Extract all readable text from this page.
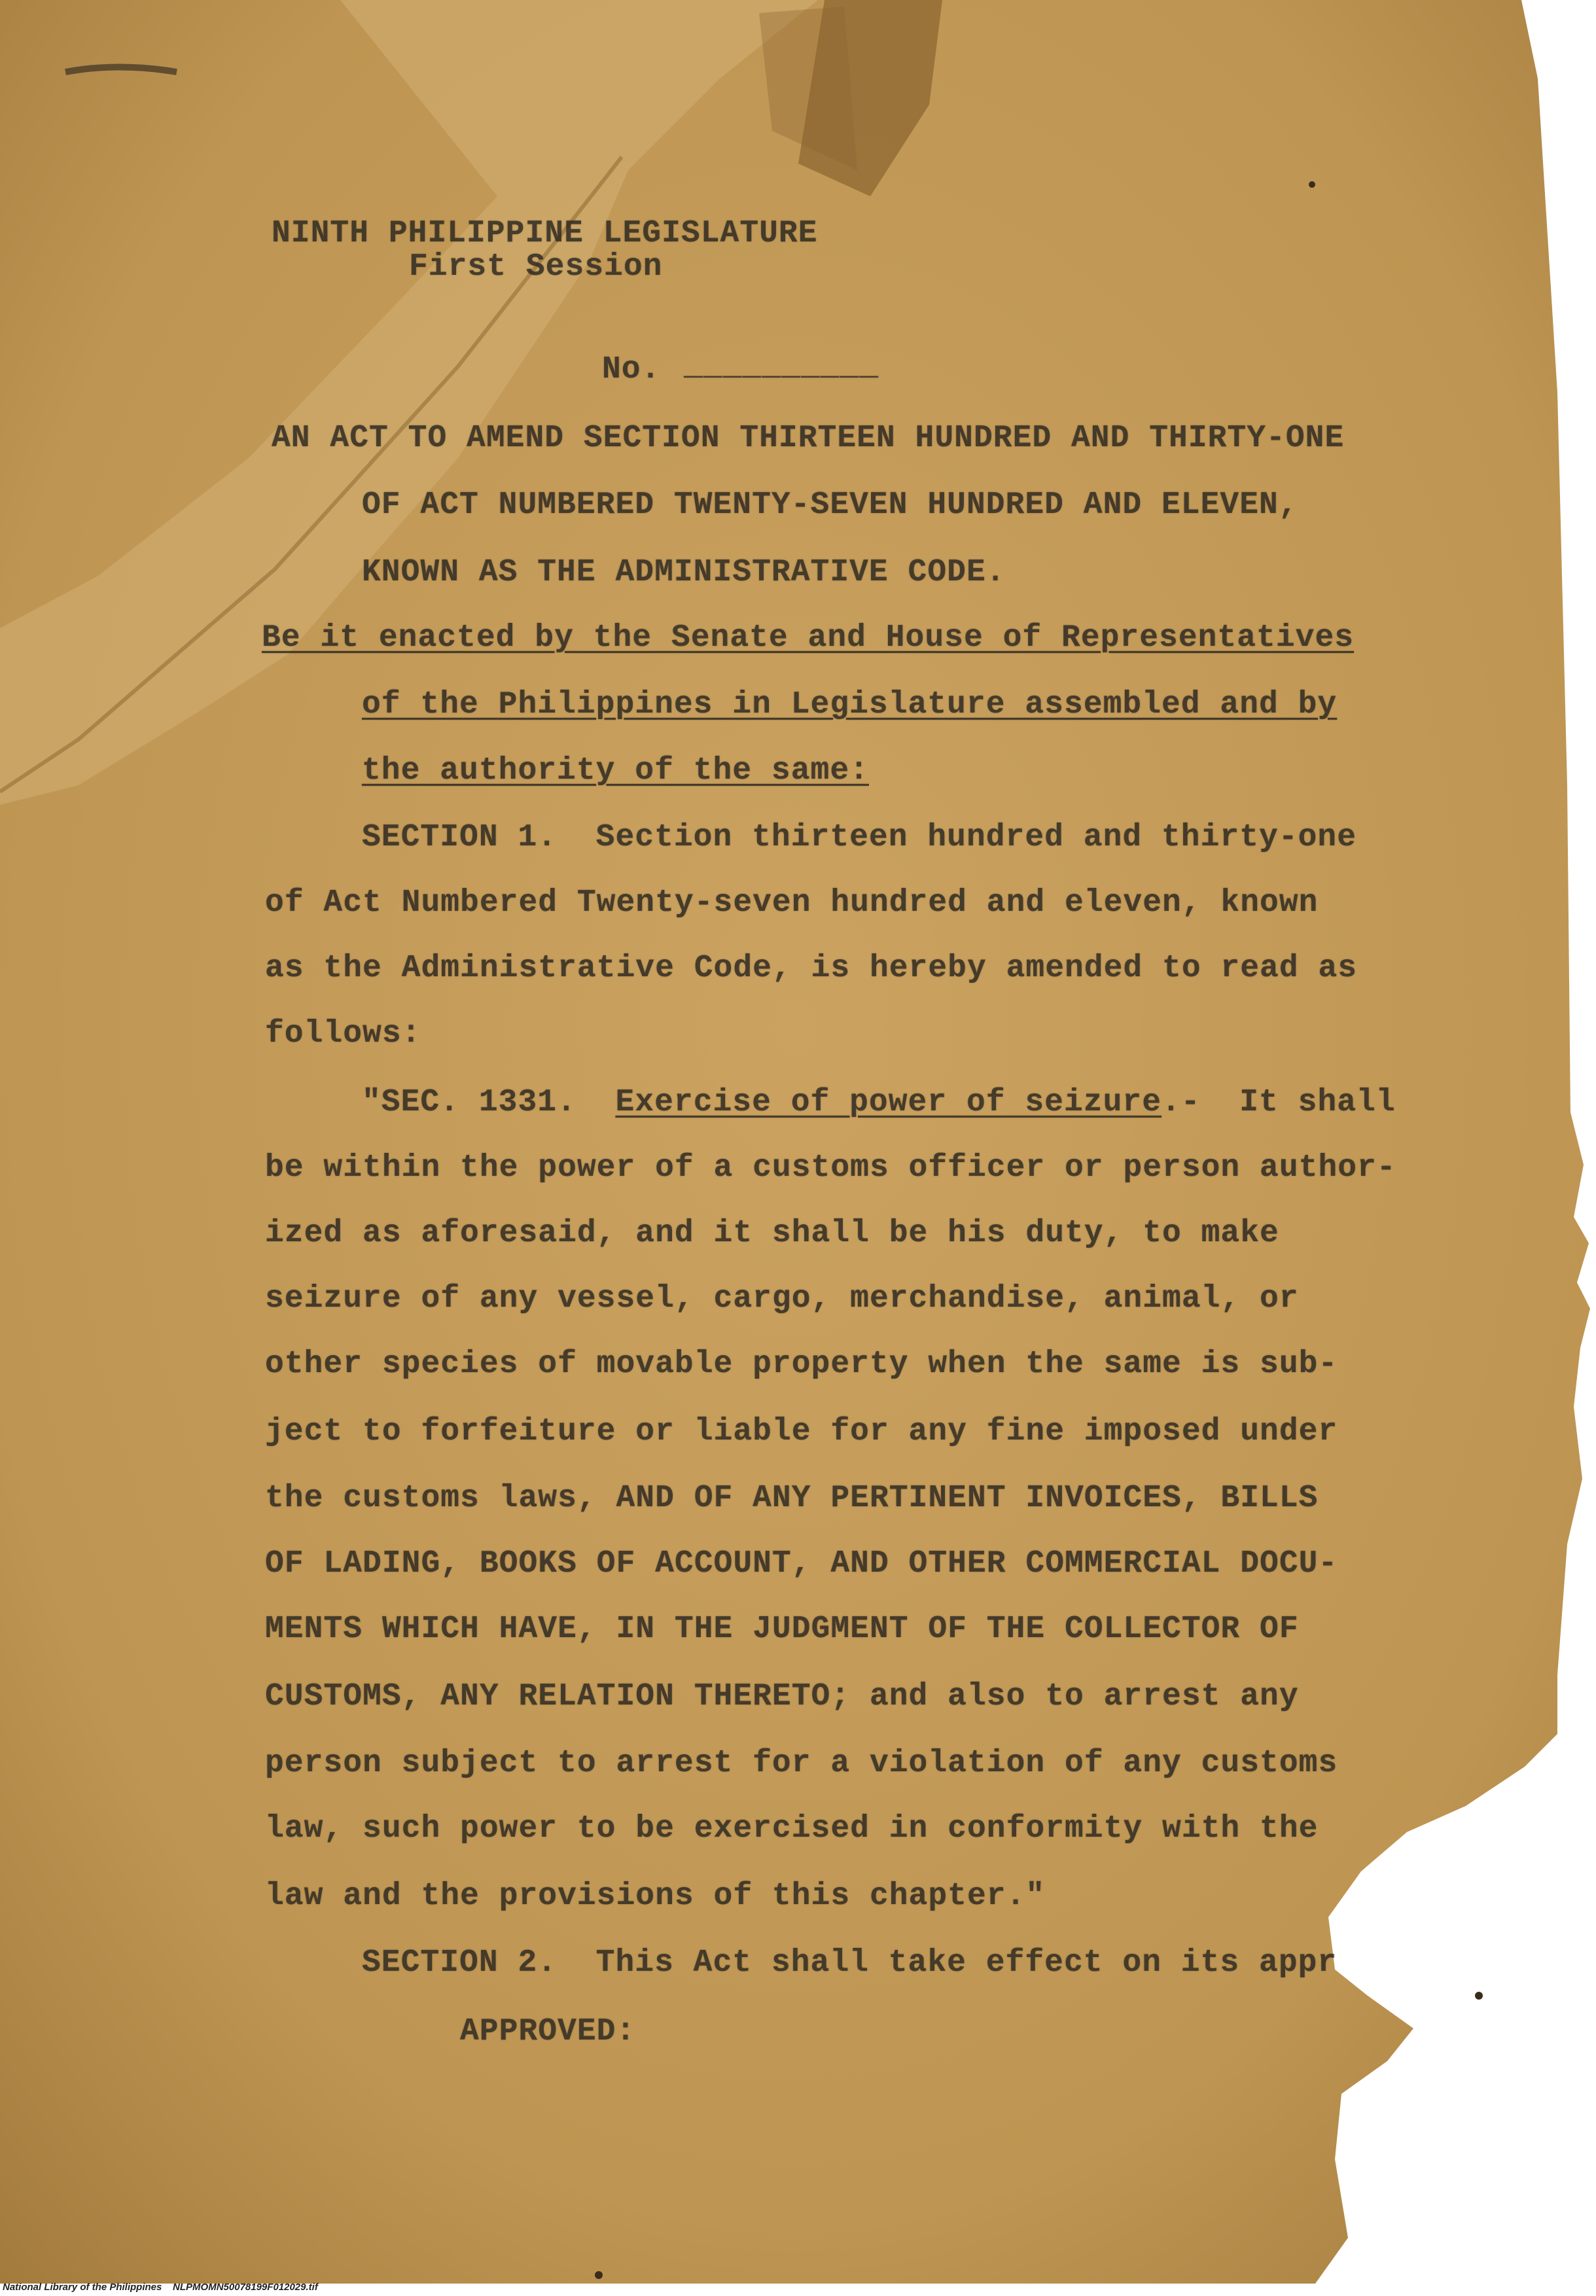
NINTH PHILIPPINE LEGISLATURE
First Session
No. __________
AN ACT TO AMEND SECTION THIRTEEN HUNDRED AND THIRTY-ONE
OF ACT NUMBERED TWENTY-SEVEN HUNDRED AND ELEVEN,
KNOWN AS THE ADMINISTRATIVE CODE.
Be it enacted by the Senate and House of Representatives
of the Philippines in Legislature assembled and by
the authority of the same:
SECTION 1.  Section thirteen hundred and thirty-one
of Act Numbered Twenty-seven hundred and eleven, known
as the Administrative Code, is hereby amended to read as
follows:
"SEC. 1331.  Exercise of power of seizure.-  It shall
be within the power of a customs officer or person author-
ized as aforesaid, and it shall be his duty, to make
seizure of any vessel, cargo, merchandise, animal, or
other species of movable property when the same is sub-
ject to forfeiture or liable for any fine imposed under
the customs laws, AND OF ANY PERTINENT INVOICES, BILLS
OF LADING, BOOKS OF ACCOUNT, AND OTHER COMMERCIAL DOCU-
MENTS WHICH HAVE, IN THE JUDGMENT OF THE COLLECTOR OF
CUSTOMS, ANY RELATION THERETO; and also to arrest any
person subject to arrest for a violation of any customs
law, such power to be exercised in conformity with the
law and the provisions of this chapter."
SECTION 2.  This Act shall take effect on its appr
APPROVED:
National Library of the Philippines NLPMOMN50078199F012029.tif
